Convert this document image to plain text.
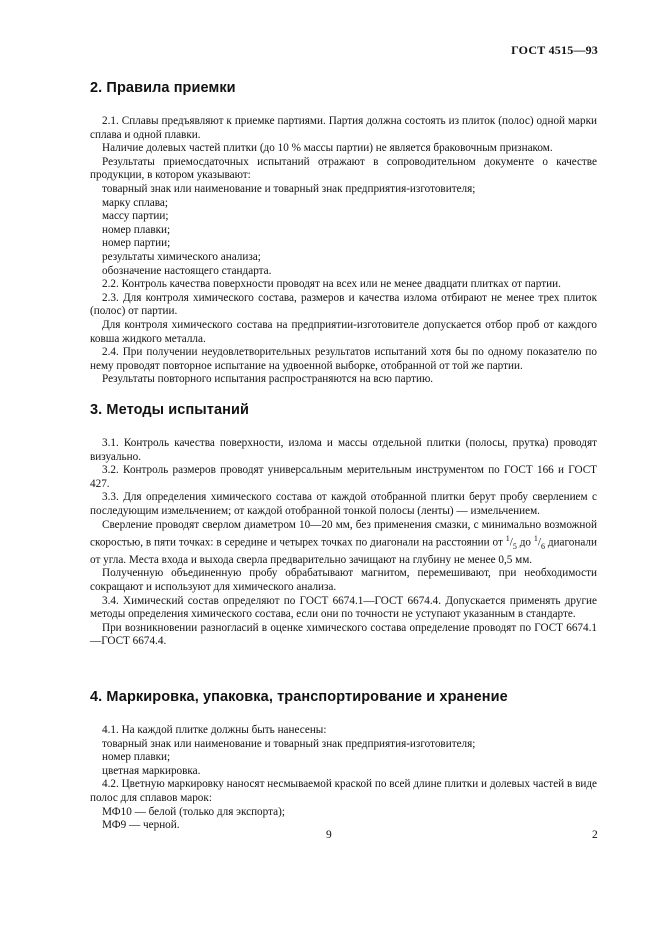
ГОСТ 4515—93
2. Правила приемки

2.1. Сплавы предъявляют к приемке партиями. Партия должна состоять из плиток (полос) одной марки сплава и одной плавки.

Наличие долевых частей плитки (до 10 % массы партии) не является браковочным признаком.

Результаты приемосдаточных испытаний отражают в сопроводительном документе о качестве продукции, в котором указывают:

товарный знак или наименование и товарный знак предприятия-изготовителя;

марку сплава;

массу партии;

номер плавки;

номер партии;

результаты химического анализа;

обозначение настоящего стандарта.

2.2. Контроль качества поверхности проводят на всех или не менее двадцати плитках от партии.

2.3. Для контроля химического состава, размеров и качества излома отбирают не менее трех плиток (полос) от партии.

Для контроля химического состава на предприятии-изготовителе допускается отбор проб от каждого ковша жидкого металла.

2.4. При получении неудовлетворительных результатов испытаний хотя бы по одному показателю по нему проводят повторное испытание на удвоенной выборке, отобранной от той же партии.

Результаты повторного испытания распространяются на всю партию.

3. Методы испытаний

3.1. Контроль качества поверхности, излома и массы отдельной плитки (полосы, прутка) проводят визуально.

3.2. Контроль размеров проводят универсальным мерительным инструментом по ГОСТ 166 и ГОСТ 427.

3.3. Для определения химического состава от каждой отобранной плитки берут пробу сверлением с последующим измельчением; от каждой отобранной тонкой полосы (ленты) — измельчением.

Сверление проводят сверлом диаметром 10—20 мм, без применения смазки, с минимально возможной скоростью, в пяти точках: в середине и четырех точках по диагонали на расстоянии от $^1/_5$ до $^1/_6$ диагонали от угла. Места входа и выхода сверла предварительно зачищают на глубину не менее 0,5 мм.

Полученную объединенную пробу обрабатывают магнитом, перемешивают, при необходимости сокращают и используют для химического анализа.

3.4. Химический состав определяют по ГОСТ 6674.1—ГОСТ 6674.4. Допускается применять другие методы определения химического состава, если они по точности не уступают указанным в стандарте.

При возникновении разногласий в оценке химического состава определение проводят по ГОСТ 6674.1—ГОСТ 6674.4.

4. Маркировка, упаковка, транспортирование и хранение

4.1. На каждой плитке должны быть нанесены:

товарный знак или наименование и товарный знак предприятия-изготовителя;

номер плавки;

цветная маркировка.

4.2. Цветную маркировку наносят несмываемой краской по всей длине плитки и долевых частей в виде полос для сплавов марок:

МФ10 — белой (только для экспорта);

МФ9 — черной.

9	2
